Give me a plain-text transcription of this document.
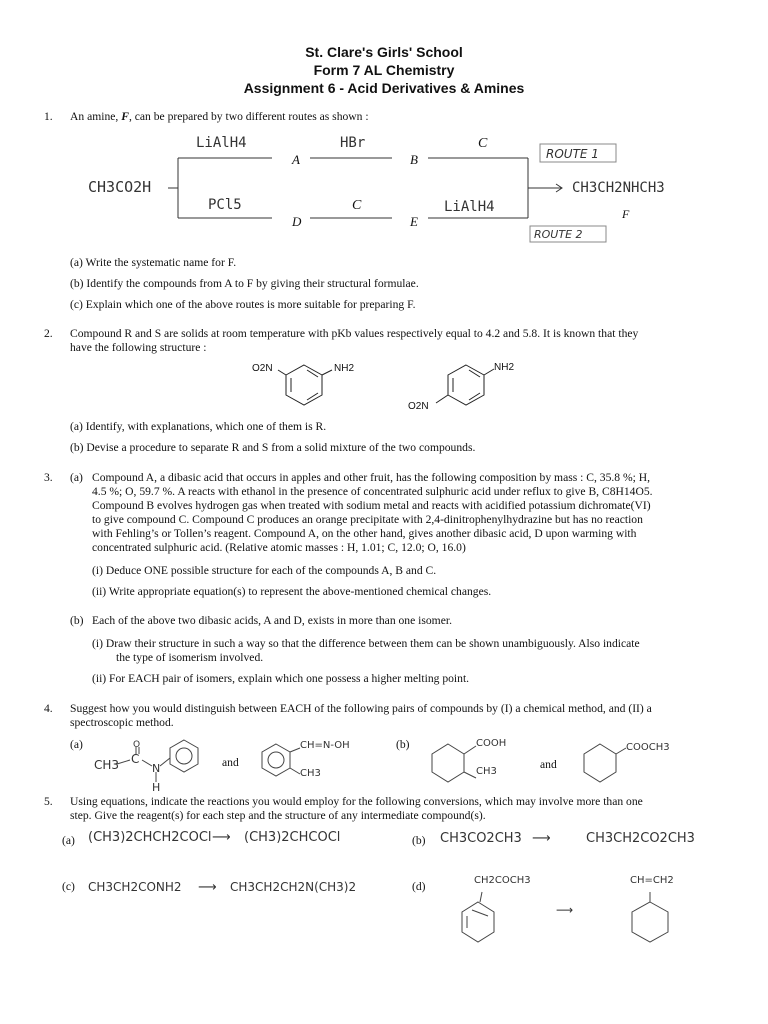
St. Clare's Girls' School
Form 7 AL Chemistry
Assignment 6 - Acid Derivatives & Amines
1. An amine, F, can be prepared by two different routes as shown :
CH3CO2H
LiAlH4
A
HBr
B
C
ROUTE 1
CH3CH2NHCH3
F
PCl5
D
C
E
LiAlH4
ROUTE 2
(a) Write the systematic name for F.
(b) Identify the compounds from A to F by giving their structural formulae.
(c) Explain which one of the above routes is more suitable for preparing F.
2. Compound R and S are solids at room temperature with pKb values respectively equal to 4.2 and 5.8. It is known that they
have the following structure :
O2N	NH2	NH2
O2N
(a) Identify, with explanations, which one of them is R.
(b) Devise a procedure to separate R and S from a solid mixture of the two compounds.
3. (a) Compound A, a dibasic acid that occurs in apples and other fruit, has the following composition by mass : C, 35.8 %; H,
4.5 %; O, 59.7 %. A reacts with ethanol in the presence of concentrated sulphuric acid under reflux to give B, C8H14O5.
Compound B evolves hydrogen gas when treated with sodium metal and reacts with acidified potassium dichromate(VI)
to give compound C. Compound C produces an orange precipitate with 2,4-dinitrophenylhydrazine but has no reaction
with Fehling’s or Tollen’s reagent. Compound A, on the other hand, gives another dibasic acid, D upon warming with
concentrated sulphuric acid. (Relative atomic masses : H, 1.01; C, 12.0; O, 16.0)
(i) Deduce ONE possible structure for each of the compounds A, B and C.
(ii) Write appropriate equation(s) to represent the above-mentioned chemical changes.
(b) Each of the above two dibasic acids, A and D, exists in more than one isomer.
(i) Draw their structure in such a way so that the difference between them can be shown unambiguously. Also indicate
the type of isomerism involved.
(ii) For EACH pair of isomers, explain which one possess a higher melting point.
4. Suggest how you would distinguish between EACH of the following pairs of compounds by (I) a chemical method, and (II) a
spectroscopic method.
(a)	(b)
and	and
CH3
O
C
N
H
CH=N-OH
CH3
COOH
CH3
COOCH3
5. Using equations, indicate the reactions you would employ for the following conversions, which may involve more than one
step. Give the reagent(s) for each step and the structure of any intermediate compound(s).
(a) (CH3)2CHCH2COCl ⟶ (CH3)2CHCOCl	(b) CH3CO2CH3 ⟶	CH3CH2CO2CH3
(c) CH3CH2CONH2 ⟶ CH3CH2CH2N(CH3)2	(d)	CH2COCH3	CH=CH2
⟶
